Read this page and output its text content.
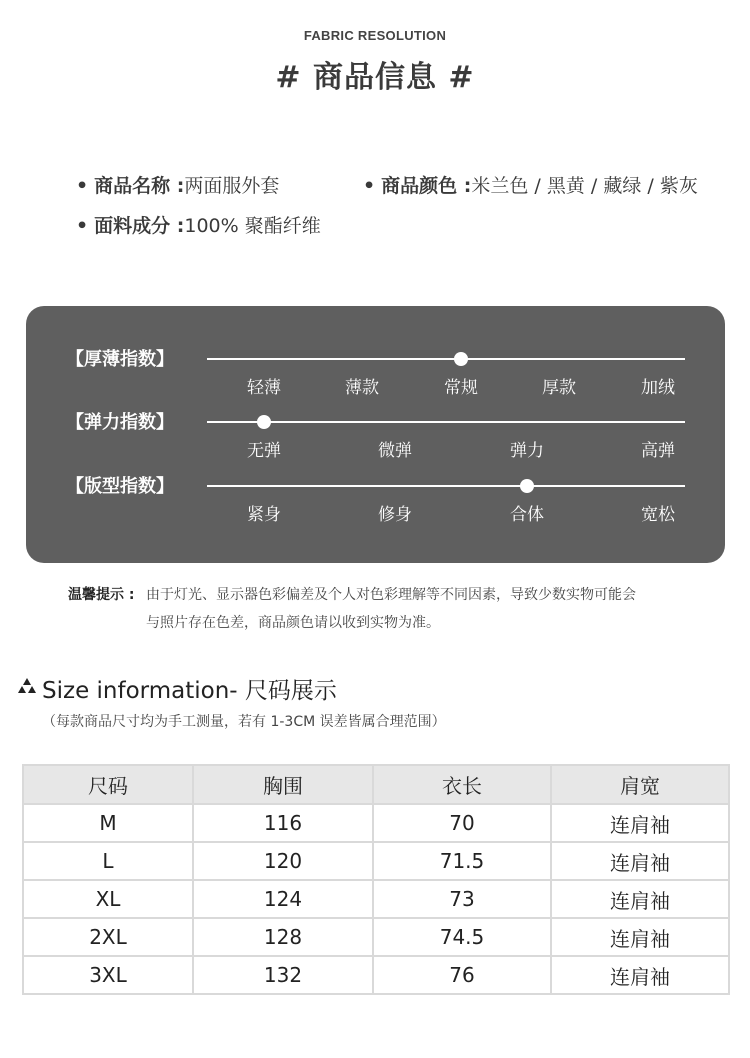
FABRIC RESOLUTION
# 商品信息 #
• 商品名称 :两面服外套	• 商品颜色 :米兰色 / 黑黄 / 藏绿 / 紫灰
• 面料成分 :100% 聚酯纤维
【厚薄指数】
轻薄	薄款	常规	厚款	加绒
【弹力指数】
无弹	微弹	弹力	高弹
【版型指数】
紧身	修身	合体	宽松
温馨提示 : 由于灯光、显示器色彩偏差及个人对色彩理解等不同因素，导致少数实物可能会
与照片存在色差，商品颜色请以收到实物为准。
Size information- 尺码展示
（每款商品尺寸均为手工测量，若有 1-3CM 误差皆属合理范围）
尺码	胸围	衣长	肩宽
M	116	70	连肩袖
L	120	71.5	连肩袖
XL	124	73	连肩袖
2XL	128	74.5	连肩袖
3XL	132	76	连肩袖
